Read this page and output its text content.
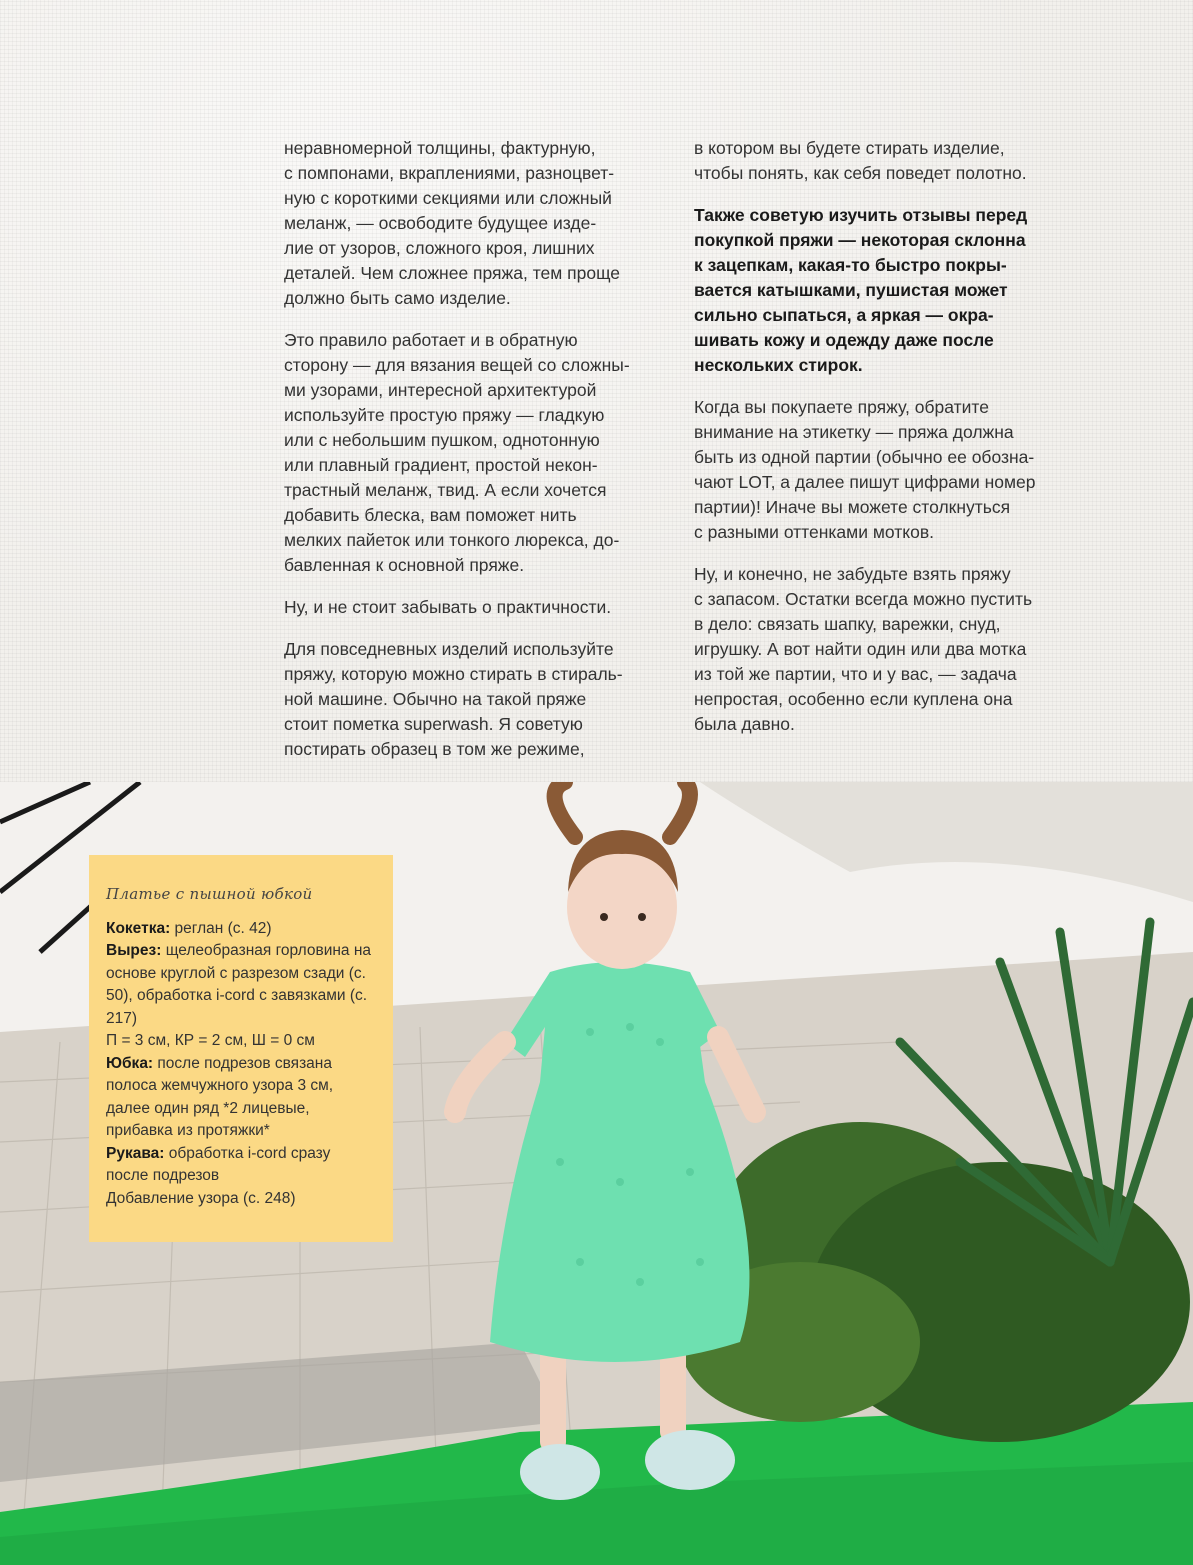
неравномерной толщины, фактурную,
с помпонами, вкраплениями, разноцвет-
ную с короткими секциями или сложный
меланж, — освободите будущее изде-
лие от узоров, сложного кроя, лишних
деталей. Чем сложнее пряжа, тем проще
должно быть само изделие.

Это правило работает и в обратную
сторону — для вязания вещей со сложны-
ми узорами, интересной архитектурой
используйте простую пряжу — гладкую
или с небольшим пушком, однотонную
или плавный градиент, простой некон-
трастный меланж, твид. А если хочется
добавить блеска, вам поможет нить
мелких пайеток или тонкого люрекса, до-
бавленная к основной пряже.

Ну, и не стоит забывать о практичности.

Для повседневных изделий используйте
пряжу, которую можно стирать в стираль-
ной машине. Обычно на такой пряже
стоит пометка superwash. Я советую
постирать образец в том же режиме,

в котором вы будете стирать изделие,
чтобы понять, как себя поведет полотно.

Также советую изучить отзывы перед
покупкой пряжи — некоторая склонна
к зацепкам, какая-то быстро покры-
вается катышками, пушистая может
сильно сыпаться, а яркая — окра-
шивать кожу и одежду даже после
нескольких стирок.

Когда вы покупаете пряжу, обратите
внимание на этикетку — пряжа должна
быть из одной партии (обычно ее обозна-
чают LOT, а далее пишут цифрами номер
партии)! Иначе вы можете столкнуться
с разными оттенками мотков.

Ну, и конечно, не забудьте взять пряжу
с запасом. Остатки всегда можно пустить
в дело: связать шапку, варежки, снуд,
игрушку. А вот найти один или два мотка
из той же партии, что и у вас, — задача
непростая, особенно если куплена она
была давно.

Платье с пышной юбкой
Кокетка: реглан (с. 42)
Вырез: щелеобразная горловина на основе круглой с разрезом сзади (с. 50), обработка i-cord с завязками (с. 217)
П = 3 см, КР = 2 см, Ш = 0 см
Юбка: после подрезов связана полоса жемчужного узора 3 см, далее один ряд *2 лицевые, прибавка из протяжки*
Рукава: обработка i-cord сразу после подрезов
Добавление узора (с. 248)
